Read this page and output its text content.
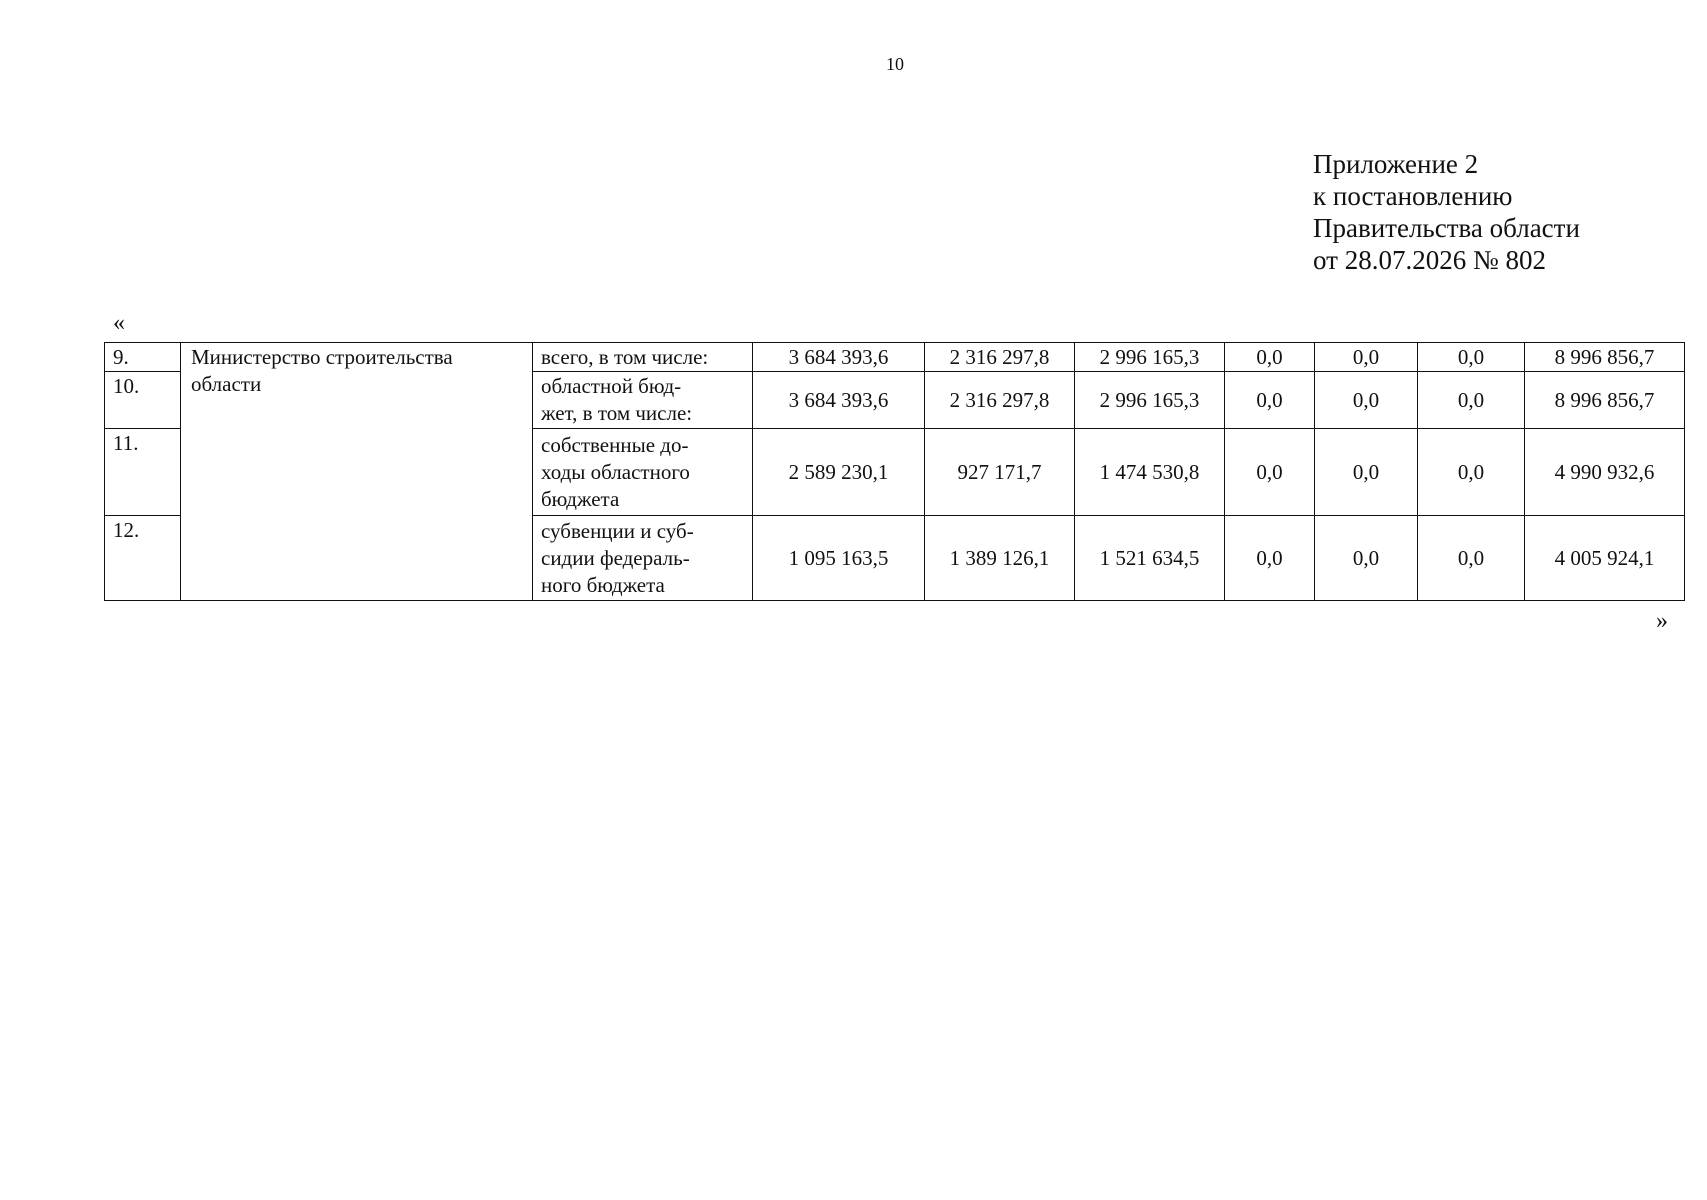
10
Приложение 2
к постановлению
Правительства области
от 28.07.2026 № 802
«
9.	Министерство строительства
области	всего, в том числе:	3 684 393,6	2 316 297,8	2 996 165,3	0,0	0,0	0,0	8 996 856,7
10.		областной бюд-
жет, в том числе:	3 684 393,6	2 316 297,8	2 996 165,3	0,0	0,0	0,0	8 996 856,7
11.		собственные до-
ходы областного
бюджета	2 589 230,1	927 171,7	1 474 530,8	0,0	0,0	0,0	4 990 932,6
12.		субвенции и суб-
сидии федераль-
ного бюджета	1 095 163,5	1 389 126,1	1 521 634,5	0,0	0,0	0,0	4 005 924,1
»
